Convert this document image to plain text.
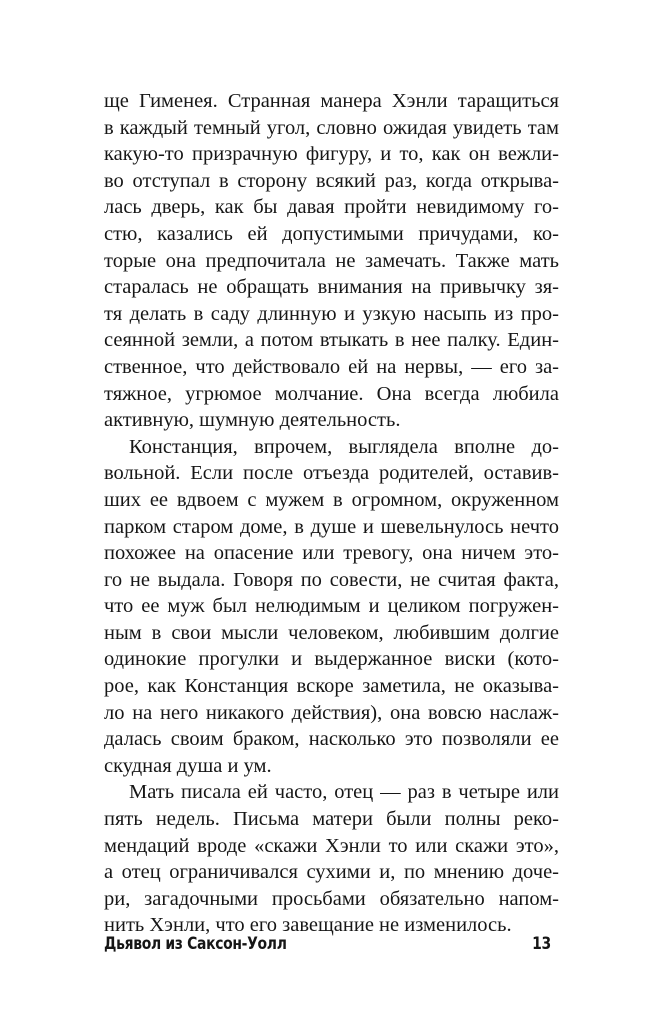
ще Гименея. Странная манера Хэнли таращиться
в каждый темный угол, словно ожидая увидеть там
какую-то призрачную фигуру, и то, как он вежли-
во отступал в сторону всякий раз, когда открыва-
лась дверь, как бы давая пройти невидимому го-
стю, казались ей допустимыми причудами, ко-
торые она предпочитала не замечать. Также мать
старалась не обращать внимания на привычку зя-
тя делать в саду длинную и узкую насыпь из про-
сеянной земли, а потом втыкать в нее палку. Един-
ственное, что действовало ей на нервы, — его за-
тяжное, угрюмое молчание. Она всегда любила
активную, шумную деятельность.
Констанция, впрочем, выглядела вполне до-
вольной. Если после отъезда родителей, оставив-
ших ее вдвоем с мужем в огромном, окруженном
парком старом доме, в душе и шевельнулось нечто
похожее на опасение или тревогу, она ничем это-
го не выдала. Говоря по совести, не считая факта,
что ее муж был нелюдимым и целиком погружен-
ным в свои мысли человеком, любившим долгие
одинокие прогулки и выдержанное виски (кото-
рое, как Констанция вскоре заметила, не оказыва-
ло на него никакого действия), она вовсю наслаж-
далась своим браком, насколько это позволяли ее
скудная душа и ум.
Мать писала ей часто, отец — раз в четыре или
пять недель. Письма матери были полны реко-
мендаций вроде «скажи Хэнли то или скажи это»,
а отец ограничивался сухими и, по мнению доче-
ри, загадочными просьбами обязательно напом-
нить Хэнли, что его завещание не изменилось.
Дьявол из Саксон-Уолл	13
